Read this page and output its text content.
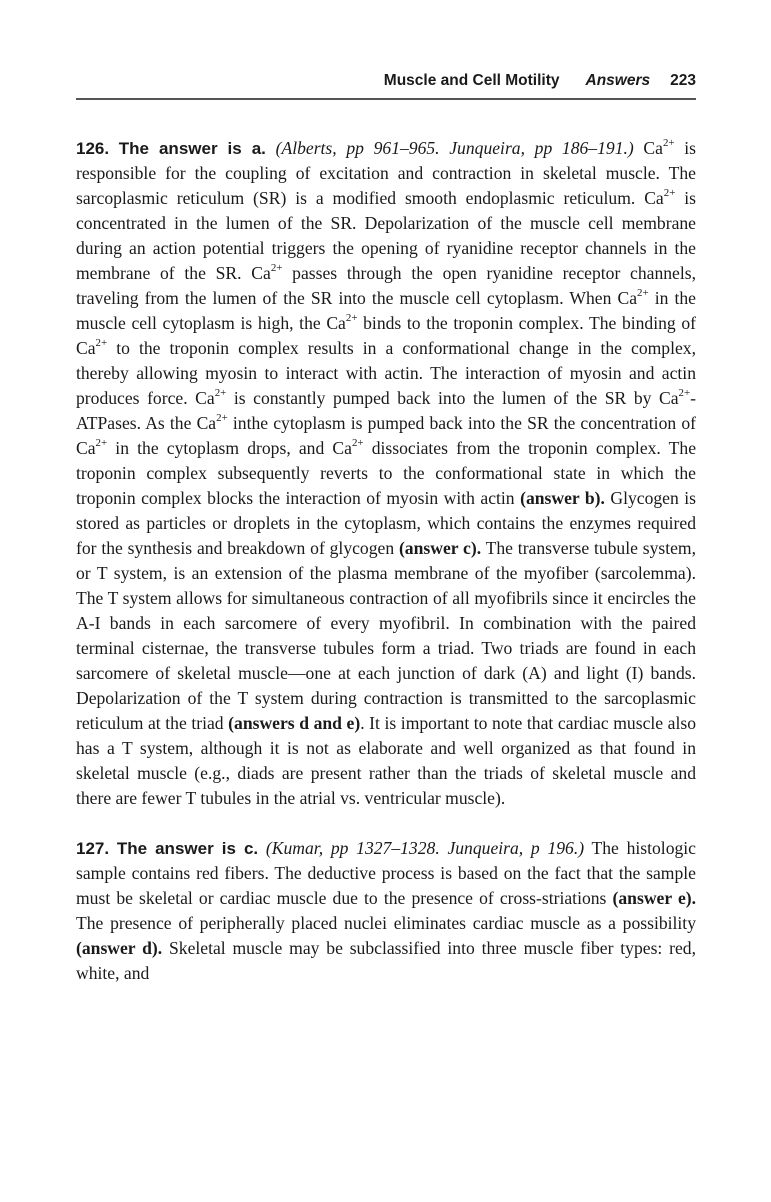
Muscle and Cell Motility Answers 223

126. The answer is a. (Alberts, pp 961–965. Junqueira, pp 186–191.) $Ca^{2+}$ is responsible for the coupling of excitation and contraction in skeletal muscle. The sarcoplasmic reticulum (SR) is a modified smooth endoplasmic reticulum. $Ca^{2+}$ is concentrated in the lumen of the SR. Depolarization of the muscle cell membrane during an action potential triggers the opening of ryanidine receptor channels in the membrane of the SR. $Ca^{2+}$ passes through the open ryanidine receptor channels, traveling from the lumen of the SR into the muscle cell cytoplasm. When $Ca^{2+}$ in the muscle cell cytoplasm is high, the $Ca^{2+}$ binds to the troponin complex. The binding of $Ca^{2+}$ to the troponin complex results in a conformational change in the complex, thereby allowing myosin to interact with actin. The interaction of myosin and actin produces force. $Ca^{2+}$ is constantly pumped back into the lumen of the SR by $Ca^{2+}$-ATPases. As the $Ca^{2+}$ inthe cytoplasm is pumped back into the SR the concentration of $Ca^{2+}$ in the cytoplasm drops, and $Ca^{2+}$ dissociates from the troponin complex. The troponin complex subsequently reverts to the conformational state in which the troponin complex blocks the interaction of myosin with actin (answer b). Glycogen is stored as particles or droplets in the cytoplasm, which contains the enzymes required for the synthesis and breakdown of glycogen (answer c). The transverse tubule system, or T system, is an extension of the plasma membrane of the myofiber (sarcolemma). The T system allows for simultaneous contraction of all myofibrils since it encircles the A-I bands in each sarcomere of every myofibril. In combination with the paired terminal cisternae, the transverse tubules form a triad. Two triads are found in each sarcomere of skeletal muscle—one at each junction of dark (A) and light (I) bands. Depolarization of the T system during contraction is transmitted to the sarcoplasmic reticulum at the triad (answers d and e). It is important to note that cardiac muscle also has a T system, although it is not as elaborate and well organized as that found in skeletal muscle (e.g., diads are present rather than the triads of skeletal muscle and there are fewer T tubules in the atrial vs. ventricular muscle).

127. The answer is c. (Kumar, pp 1327–1328. Junqueira, p 196.) The histologic sample contains red fibers. The deductive process is based on the fact that the sample must be skeletal or cardiac muscle due to the presence of cross-striations (answer e). The presence of peripherally placed nuclei eliminates cardiac muscle as a possibility (answer d). Skeletal muscle may be subclassified into three muscle fiber types: red, white, and
